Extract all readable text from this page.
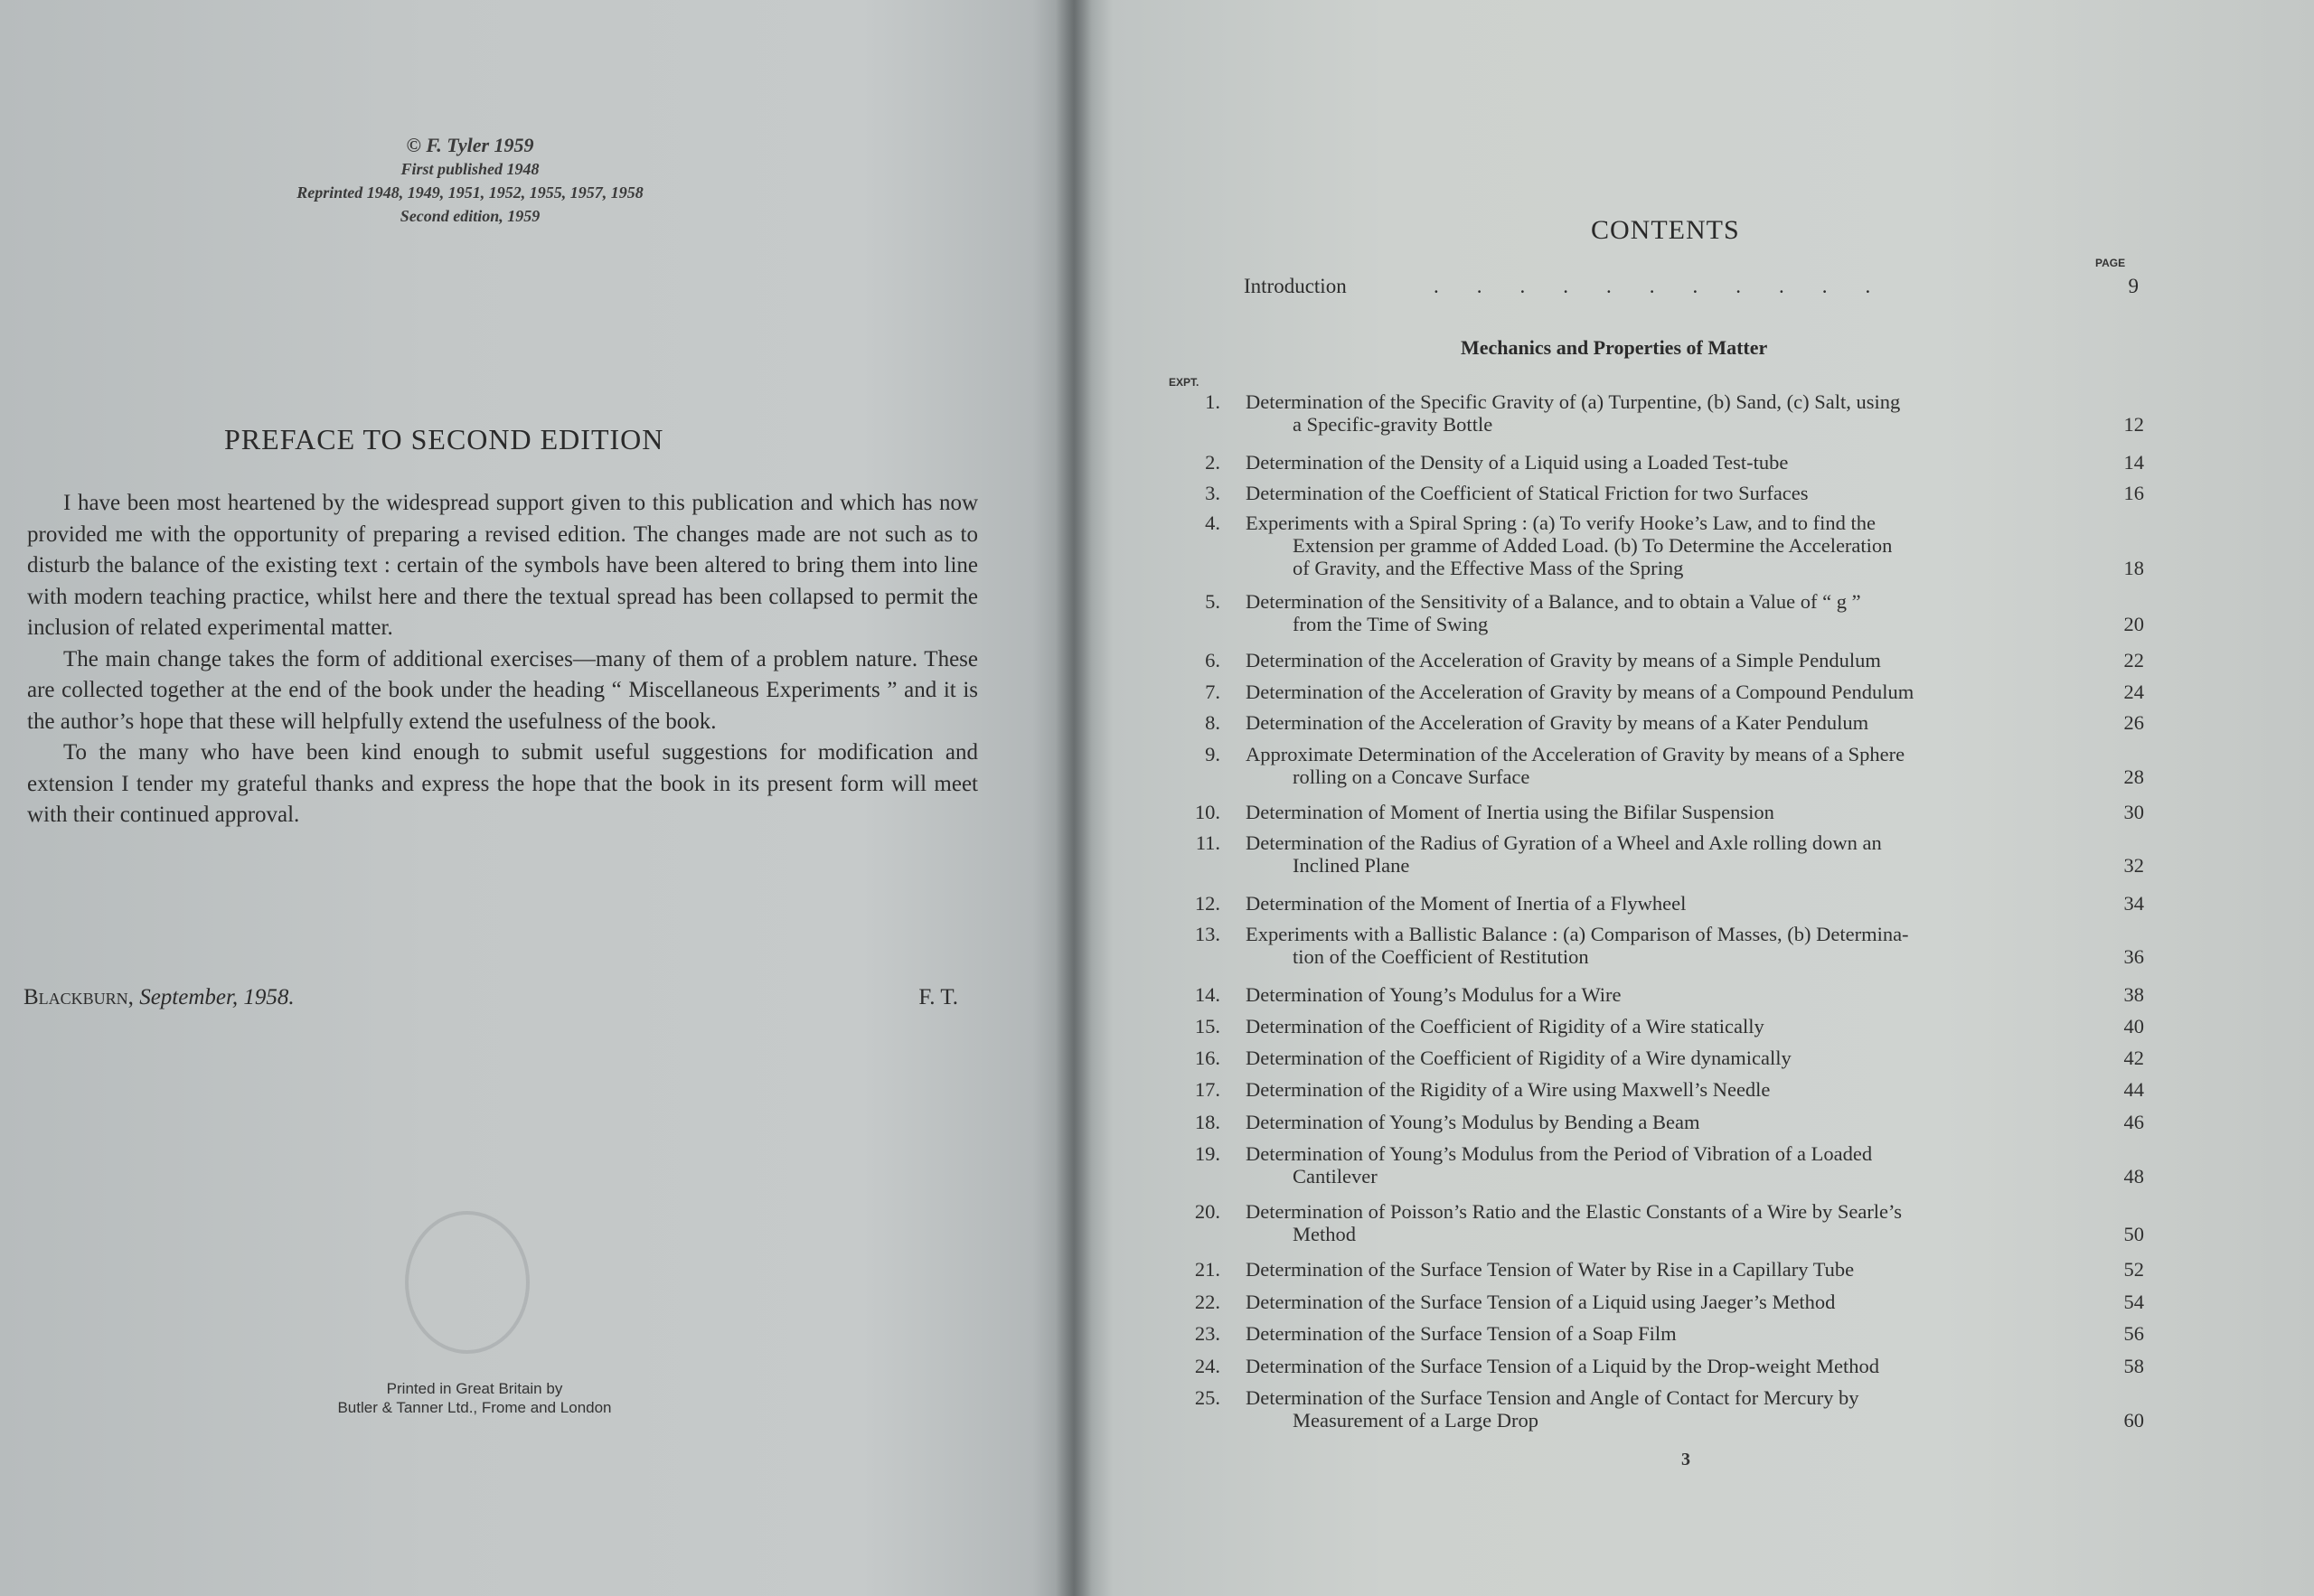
© F. Tyler 1959
First published 1948
Reprinted 1948, 1949, 1951, 1952, 1955, 1957, 1958
Second edition, 1959
PREFACE TO SECOND EDITION

I have been most heartened by the widespread support given to this publication and which has now provided me with the opportunity of preparing a revised edition. The changes made are not such as to disturb the balance of the existing text : certain of the symbols have been altered to bring them into line with modern teaching practice, whilst here and there the textual spread has been collapsed to permit the inclusion of related experimental matter.

The main change takes the form of additional exercises—many of them of a problem nature. These are collected together at the end of the book under the heading “ Miscellaneous Experiments ” and it is the author’s hope that these will helpfully extend the usefulness of the book.

To the many who have been kind enough to submit useful suggestions for modification and extension I tender my grateful thanks and express the hope that the book in its present form will meet with their continued approval.

Blackburn, September, 1958.	F. T.
Printed in Great Britain by
Butler & Tanner Ltd., Frome and London
CONTENTS
PAGE
Introduction	...........	9
Mechanics and Properties of Matter
EXPT.
1. Determination of the Specific Gravity of (a) Turpentine, (b) Sand, (c) Salt, using
a Specific-gravity Bottle	12
2. Determination of the Density of a Liquid using a Loaded Test-tube	14
3. Determination of the Coefficient of Statical Friction for two Surfaces	16
4. Experiments with a Spiral Spring : (a) To verify Hooke’s Law, and to find the
Extension per gramme of Added Load. (b) To Determine the Acceleration
of Gravity, and the Effective Mass of the Spring	18
5. Determination of the Sensitivity of a Balance, and to obtain a Value of “ g ”
from the Time of Swing	20
6. Determination of the Acceleration of Gravity by means of a Simple Pendulum	22
7. Determination of the Acceleration of Gravity by means of a Compound Pendulum	24
8. Determination of the Acceleration of Gravity by means of a Kater Pendulum	26
9. Approximate Determination of the Acceleration of Gravity by means of a Sphere
rolling on a Concave Surface	28
10. Determination of Moment of Inertia using the Bifilar Suspension	30
11. Determination of the Radius of Gyration of a Wheel and Axle rolling down an
Inclined Plane	32
12. Determination of the Moment of Inertia of a Flywheel	34
13. Experiments with a Ballistic Balance : (a) Comparison of Masses, (b) Determina-
tion of the Coefficient of Restitution	36
14. Determination of Young’s Modulus for a Wire	38
15. Determination of the Coefficient of Rigidity of a Wire statically	40
16. Determination of the Coefficient of Rigidity of a Wire dynamically	42
17. Determination of the Rigidity of a Wire using Maxwell’s Needle	44
18. Determination of Young’s Modulus by Bending a Beam	46
19. Determination of Young’s Modulus from the Period of Vibration of a Loaded
Cantilever	48
20. Determination of Poisson’s Ratio and the Elastic Constants of a Wire by Searle’s
Method	50
21. Determination of the Surface Tension of Water by Rise in a Capillary Tube	52
22. Determination of the Surface Tension of a Liquid using Jaeger’s Method	54
23. Determination of the Surface Tension of a Soap Film	56
24. Determination of the Surface Tension of a Liquid by the Drop-weight Method	58
25. Determination of the Surface Tension and Angle of Contact for Mercury by
Measurement of a Large Drop	60
3
